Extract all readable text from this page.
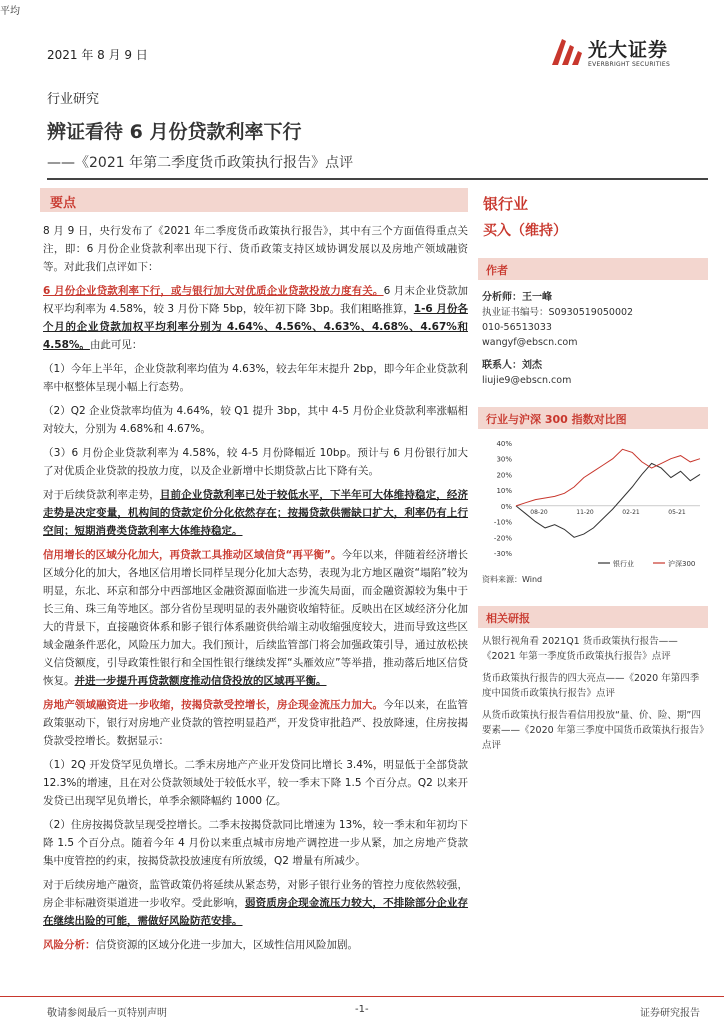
平均
2021 年 8 月 9 日
行业研究
光大证券
EVERBRIGHT SECURITIES
辨证看待 6 月份贷款利率下行
——《2021 年第二季度货币政策执行报告》点评
要点

8 月 9 日，央行发布了《2021 年二季度货币政策执行报告》，其中有三个方面值得重点关注，即：6 月份企业贷款利率出现下行、货币政策支持区域协调发展以及房地产领域融资等。对此我们点评如下：

6 月份企业贷款利率下行，或与银行加大对优质企业贷款投放力度有关。6 月末企业贷款加权平均利率为 4.58%，较 3 月份下降 5bp，较年初下降 3bp。我们粗略推算，1-6 月份各个月的企业贷款加权平均利率分别为 4.64%、4.56%、4.63%、4.68%、4.67%和 4.58%。由此可见：

（1）今年上半年，企业贷款利率均值为 4.63%，较去年年末提升 2bp，即今年企业贷款利率中枢整体呈现小幅上行态势。

（2）Q2 企业贷款率均值为 4.64%，较 Q1 提升 3bp，其中 4-5 月份企业贷款利率涨幅相对较大，分别为 4.68%和 4.67%。

（3）6 月份企业贷款利率为 4.58%，较 4-5 月份降幅近 10bp。预计与 6 月份银行加大了对优质企业贷款的投放力度，以及企业新增中长期贷款占比下降有关。

对于后续贷款利率走势，目前企业贷款利率已处于较低水平，下半年可大体维持稳定，经济走势是决定变量，机构间的贷款定价分化依然存在；按揭贷款供需缺口扩大，利率仍有上行空间；短期消费类贷款利率大体维持稳定。

信用增长的区域分化加大，再贷款工具推动区域信贷“再平衡”。今年以来，伴随着经济增长区域分化的加大，各地区信用增长同样呈现分化加大态势，表现为北方地区融资“塌陷”较为明显，东北、环京和部分中西部地区金融资源面临进一步流失局面，而金融资源较为集中于长三角、珠三角等地区。部分省份呈现明显的表外融资收缩特征。反映出在区域经济分化加大的背景下，直接融资体系和影子银行体系融资供给端主动收缩强度较大，进而导致这些区域金融条件恶化，风险压力加大。我们预计，后续监管部门将会加强政策引导，通过放松挟义信贷额度，引导政策性银行和全国性银行继续发挥“头雁效应”等举措，推动落后地区信贷恢复。并进一步提升再贷款额度推动信贷投放的区域再平衡。

房地产领域融资进一步收缩，按揭贷款受控增长，房企现金流压力加大。今年以来，在监管政策驱动下，银行对房地产业贷款的管控明显趋严，开发贷审批趋严、投放降速，住房按揭贷款受控增长。数据显示：

（1）2Q 开发贷罕见负增长。二季末房地产产业开发贷同比增长 3.4%，明显低于全部贷款 12.3%的增速，且在对公贷款领域处于较低水平，较一季末下降 1.5 个百分点。Q2 以来开发贷已出现罕见负增长，单季余额降幅约 1000 亿。

（2）住房按揭贷款呈现受控增长。二季末按揭贷款同比增速为 13%，较一季末和年初均下降 1.5 个百分点。随着今年 4 月份以来重点城市房地产调控进一步从紧，加之房地产贷款集中度管控的约束，按揭贷款投放速度有所放缓，Q2 增量有所减少。

对于后续房地产融资，监管政策仍将延续从紧态势，对影子银行业务的管控力度依然较强，房企非标融资渠道进一步收窄。受此影响，弱资质房企现金流压力较大，不排除部分企业存在继续出险的可能，需做好风险防范安排。

风险分析：信贷资源的区域分化进一步加大，区域性信用风险加剧。

银行业
买入（维持）
作者
分析师：王一峰
执业证书编号：S0930519050002
010-56513033
wangyf@ebscn.com
联系人：刘杰
liujie9@ebscn.com
行业与沪深 300 指数对比图
40%
30%
20%
10%
0%
-10%
-20%
-30%
08-20	11-20	02-21	05-21
银行业	沪深300
资料来源：Wind
相关研报

从银行视角看 2021Q1 货币政策执行报告——《2021 年第一季度货币政策执行报告》点评

货币政策执行报告的四大亮点——《2020 年第四季度中国货币政策执行报告》点评

从货币政策执行报告看信用投放“量、价、险、期”四要素——《2020 年第三季度中国货币政策执行报告》点评

敬请参阅最后一页特别声明	-1-	证券研究报告
